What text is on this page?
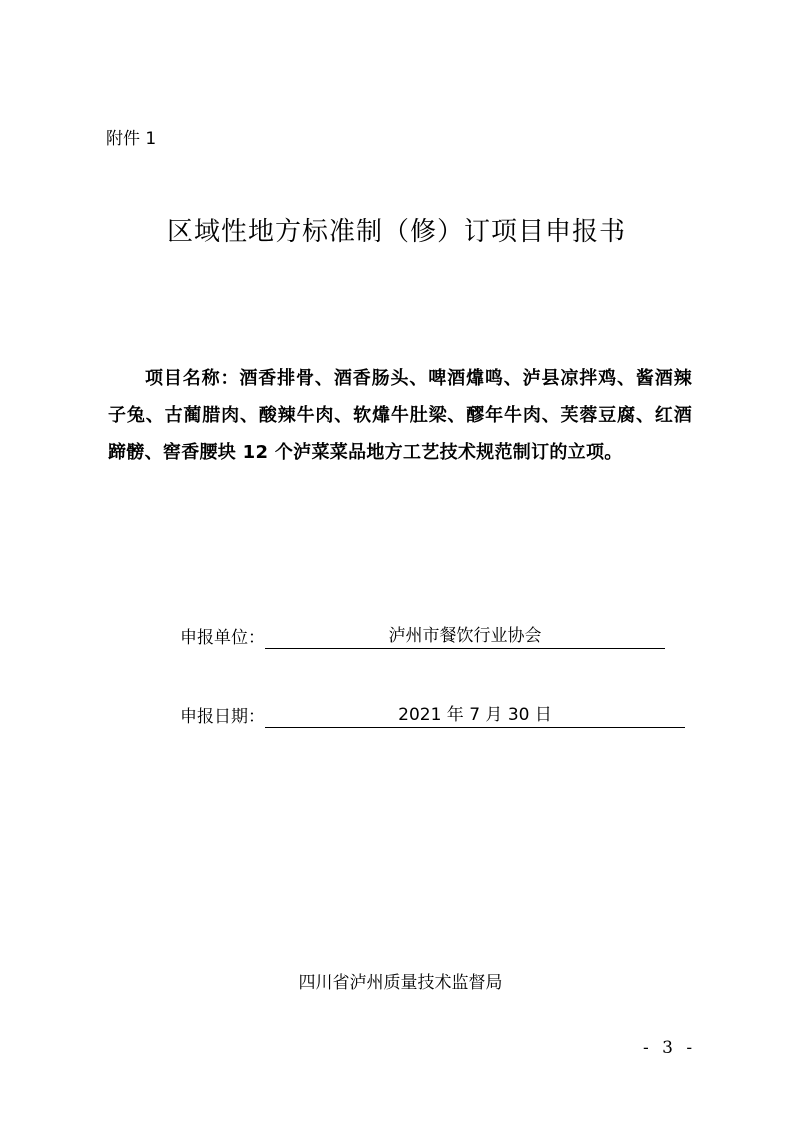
附件 1
区域性地方标准制（修）订项目申报书

项目名称：酒香排骨、酒香肠头、啤酒㸆鸣、泸县凉拌鸡、酱酒辣子兔、古蔺腊肉、酸辣牛肉、软㸆牛肚梁、醪年牛肉、芙蓉豆腐、红酒蹄髈、窖香腰块 12 个泸菜菜品地方工艺技术规范制订的立项。

申报单位：	泸州市餐饮行业协会
申报日期：	2021 年 7 月 30 日
四川省泸州质量技术监督局
- 3 -
